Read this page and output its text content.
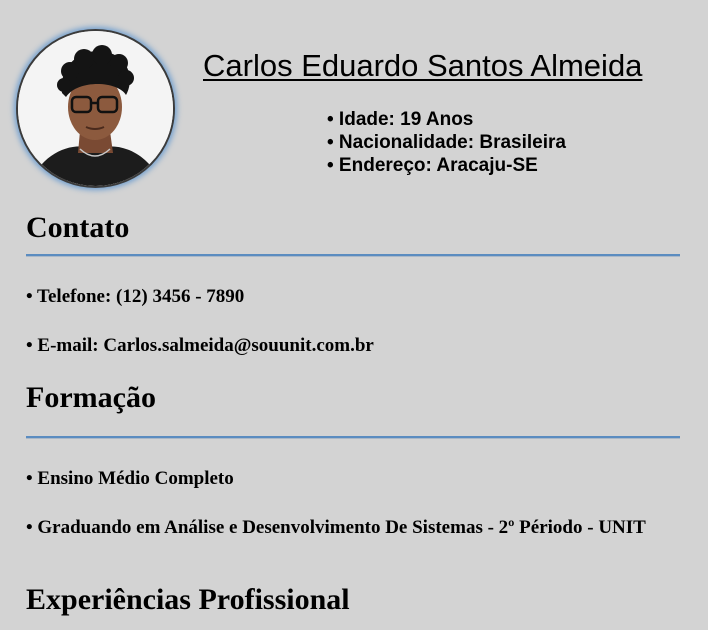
Carlos Eduardo Santos Almeida
• Idade: 19 Anos
• Nacionalidade: Brasileira
• Endereço: Aracaju-SE
Contato

• Telefone: (12) 3456 - 7890

• E-mail: Carlos.salmeida@souunit.com.br

Formação

• Ensino Médio Completo

• Graduando em Análise e Desenvolvimento De Sistemas - 2º Périodo - UNIT

Experiências Profissional
